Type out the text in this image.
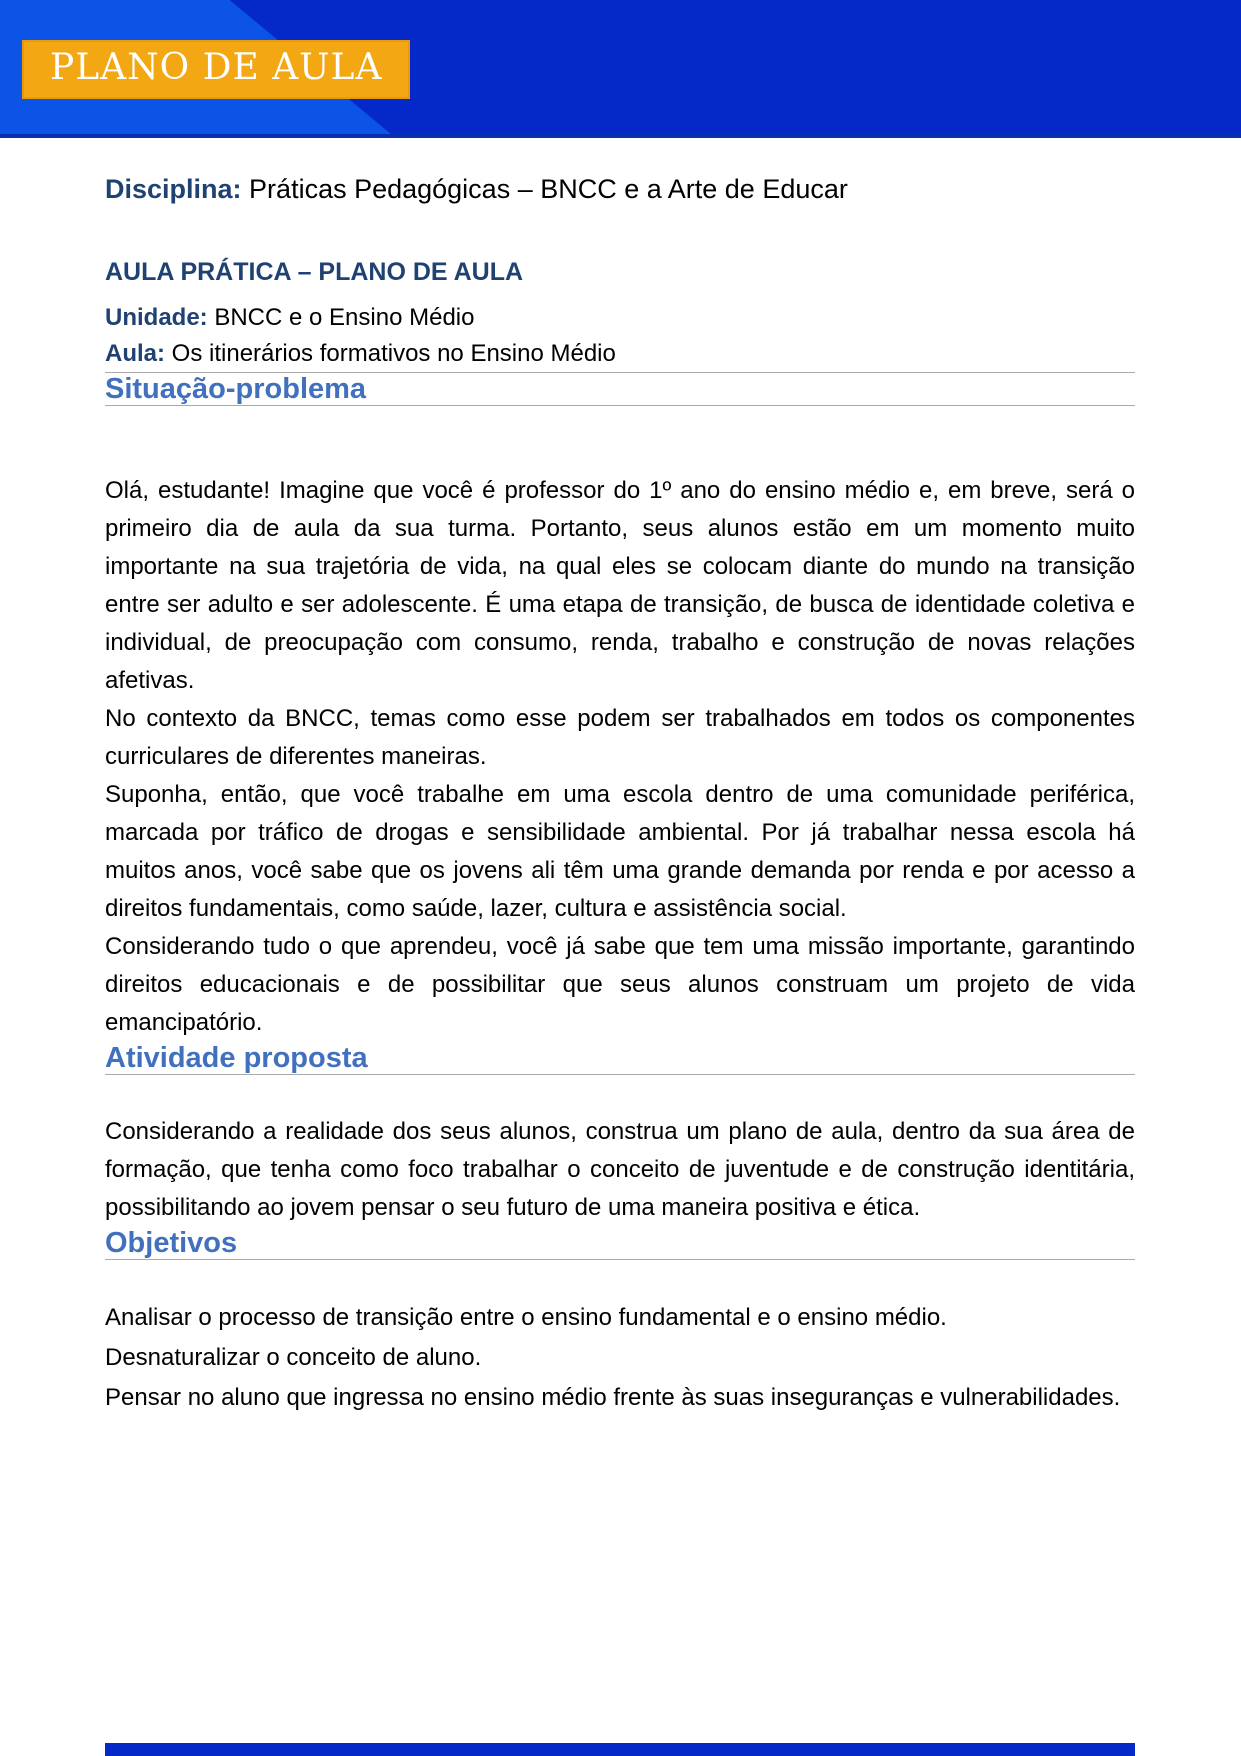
PLANO DE AULA

Disciplina: Práticas Pedagógicas – BNCC e a Arte de Educar

AULA PRÁTICA – PLANO DE AULA

Unidade: BNCC e o Ensino Médio

Aula: Os itinerários formativos no Ensino Médio

Situação-problema

Olá, estudante! Imagine que você é professor do 1º ano do ensino médio e, em breve, será o primeiro dia de aula da sua turma. Portanto, seus alunos estão em um momento muito importante na sua trajetória de vida, na qual eles se colocam diante do mundo na transição entre ser adulto e ser adolescente. É uma etapa de transição, de busca de identidade coletiva e individual, de preocupação com consumo, renda, trabalho e construção de novas relações afetivas.

No contexto da BNCC, temas como esse podem ser trabalhados em todos os componentes curriculares de diferentes maneiras.

Suponha, então, que você trabalhe em uma escola dentro de uma comunidade periférica, marcada por tráfico de drogas e sensibilidade ambiental. Por já trabalhar nessa escola há muitos anos, você sabe que os jovens ali têm uma grande demanda por renda e por acesso a direitos fundamentais, como saúde, lazer, cultura e assistência social.

Considerando tudo o que aprendeu, você já sabe que tem uma missão importante, garantindo direitos educacionais e de possibilitar que seus alunos construam um projeto de vida emancipatório.

Atividade proposta

Considerando a realidade dos seus alunos, construa um plano de aula, dentro da sua área de formação, que tenha como foco trabalhar o conceito de juventude e de construção identitária, possibilitando ao jovem pensar o seu futuro de uma maneira positiva e ética.

Objetivos

Analisar o processo de transição entre o ensino fundamental e o ensino médio.

Desnaturalizar o conceito de aluno.

Pensar no aluno que ingressa no ensino médio frente às suas inseguranças e vulnerabilidades.
